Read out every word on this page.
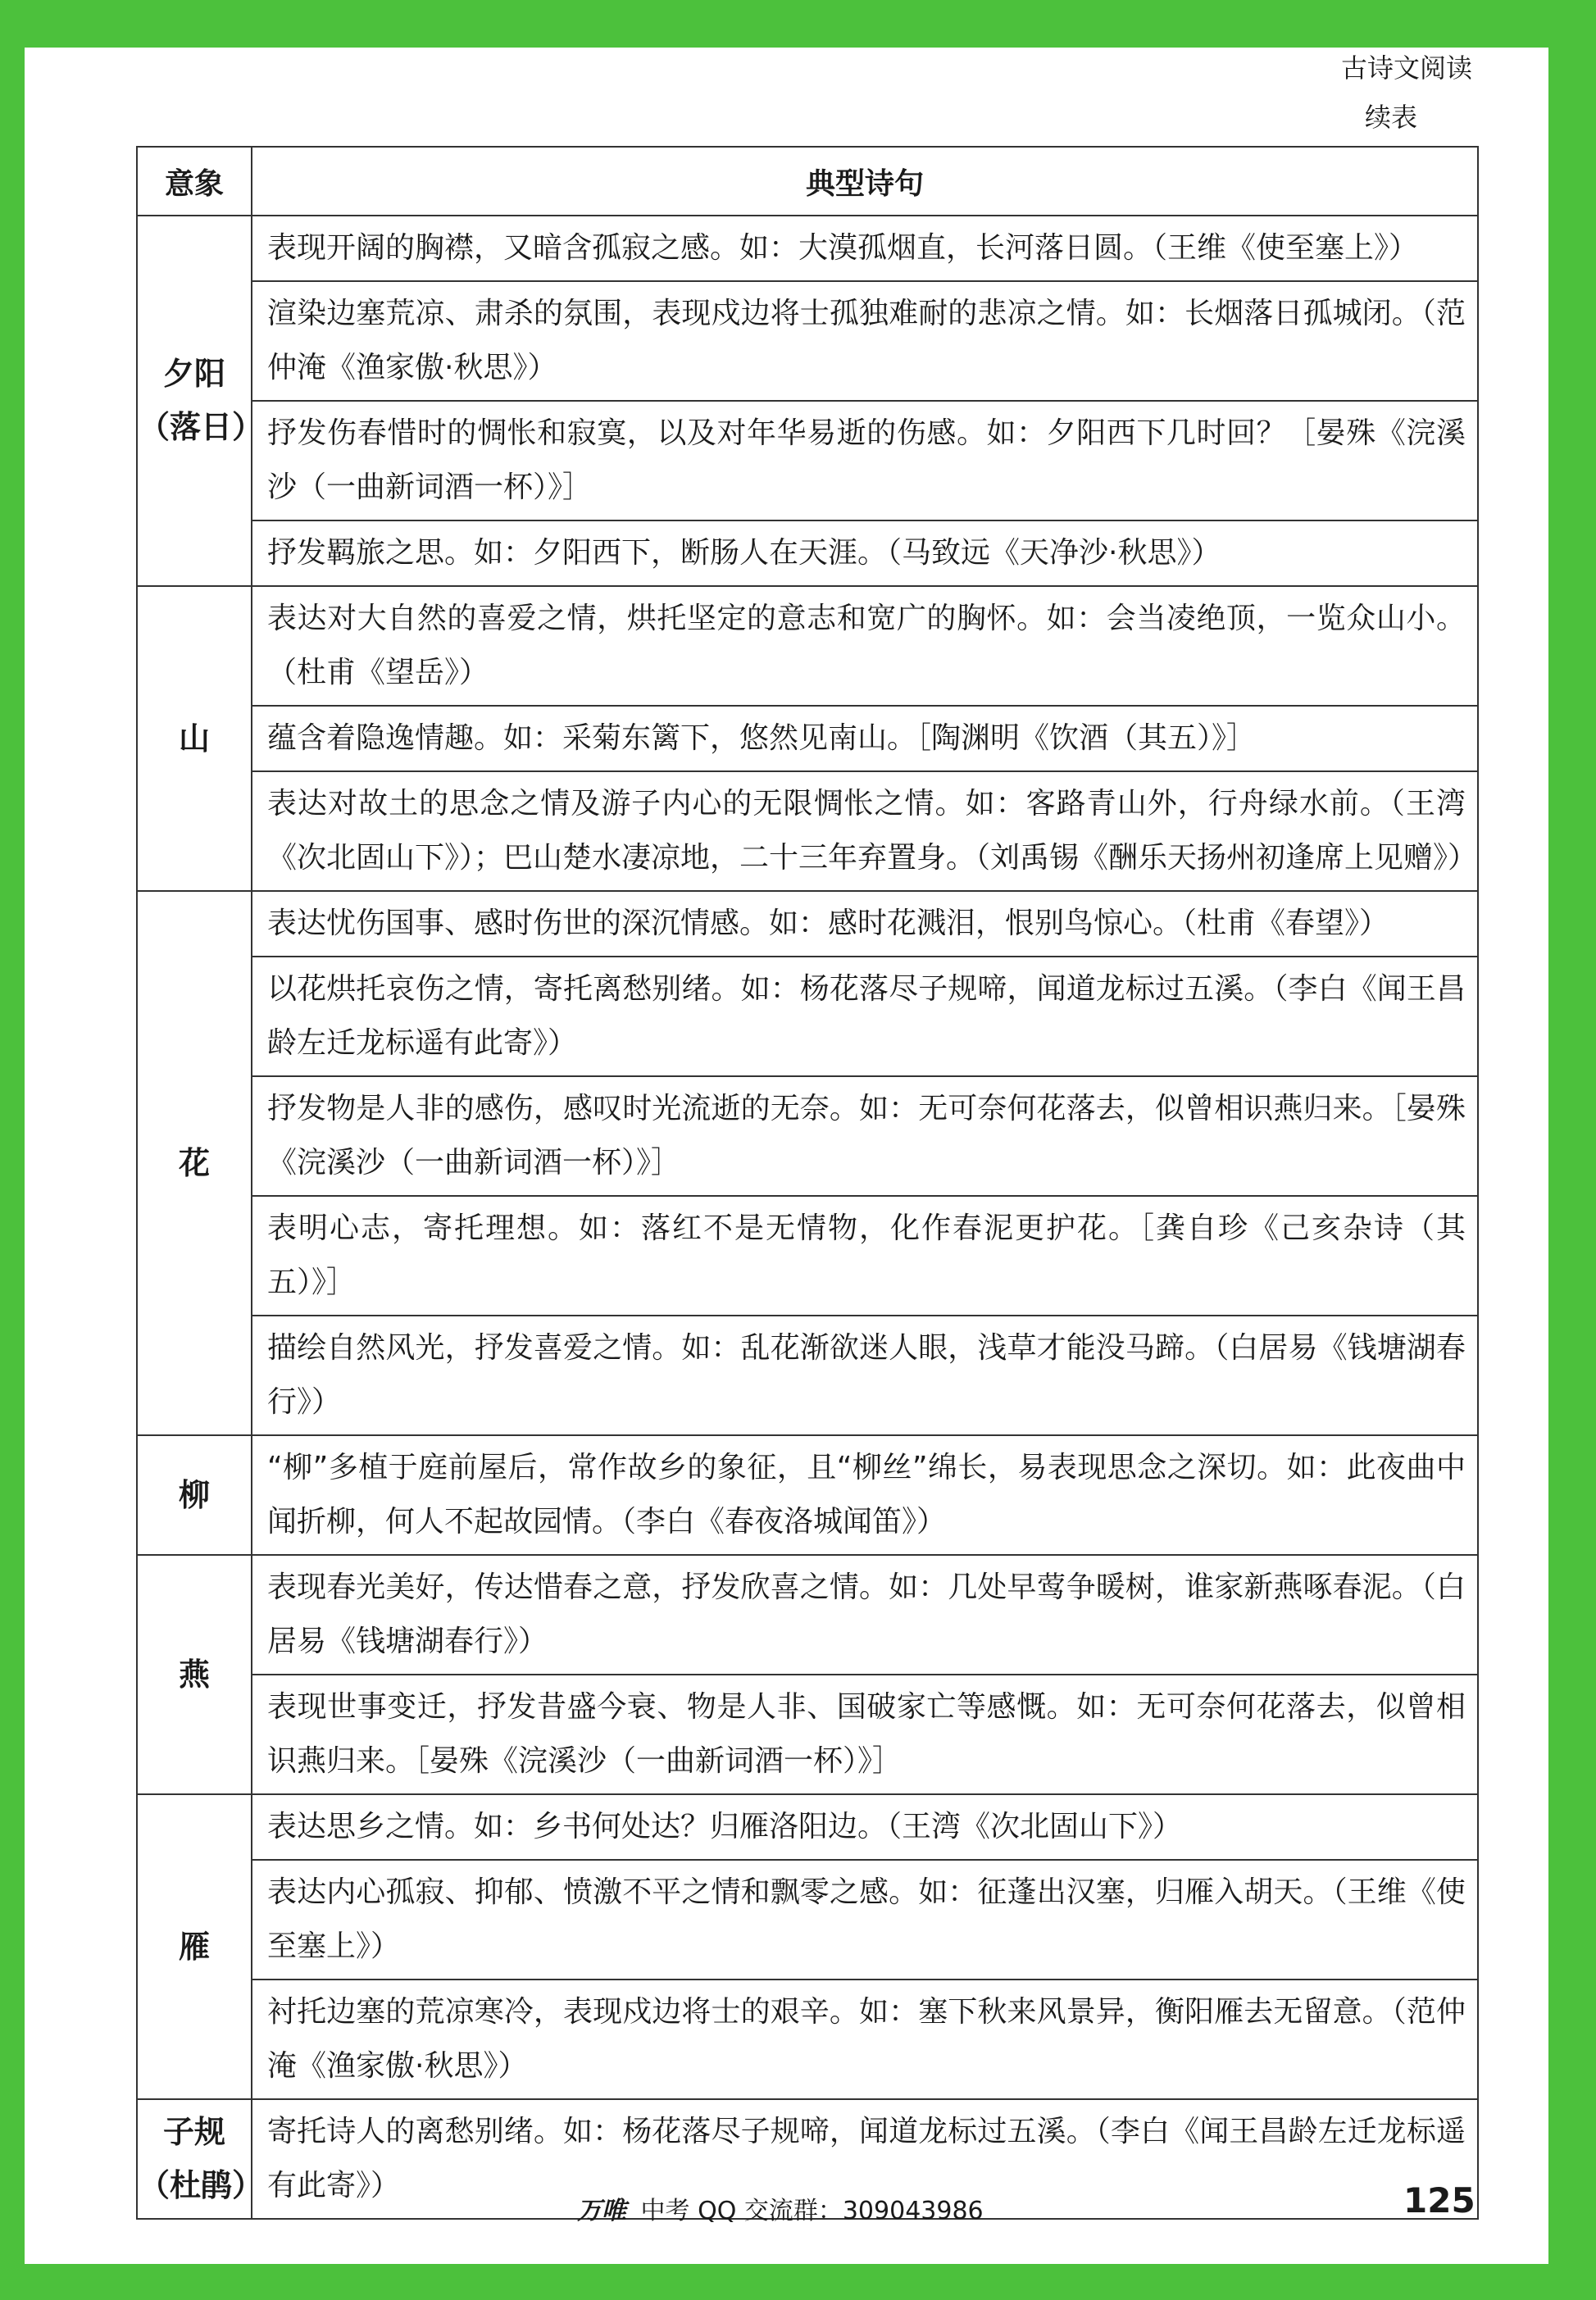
古诗文阅读
续表
意象	典型诗句
夕阳
（落日）	表现开阔的胸襟，又暗含孤寂之感。如：大漠孤烟直，长河落日圆。（王维《使至塞上》）
	渲染边塞荒凉、肃杀的氛围，表现戍边将士孤独难耐的悲凉之情。如：长烟落日孤城闭。（范仲淹《渔家傲·秋思》）
	抒发伤春惜时的惆怅和寂寞，以及对年华易逝的伤感。如：夕阳西下几时回？［晏殊《浣溪沙（一曲新词酒一杯）》］
	抒发羁旅之思。如：夕阳西下，断肠人在天涯。（马致远《天净沙·秋思》）
山	表达对大自然的喜爱之情，烘托坚定的意志和宽广的胸怀。如：会当凌绝顶，一览众山小。（杜甫《望岳》）
	蕴含着隐逸情趣。如：采菊东篱下，悠然见南山。［陶渊明《饮酒（其五）》］
	表达对故土的思念之情及游子内心的无限惆怅之情。如：客路青山外，行舟绿水前。（王湾《次北固山下》）；巴山楚水凄凉地，二十三年弃置身。（刘禹锡《酬乐天扬州初逢席上见赠》）
花	表达忧伤国事、感时伤世的深沉情感。如：感时花溅泪，恨别鸟惊心。（杜甫《春望》）
	以花烘托哀伤之情，寄托离愁别绪。如：杨花落尽子规啼，闻道龙标过五溪。（李白《闻王昌龄左迁龙标遥有此寄》）
	抒发物是人非的感伤，感叹时光流逝的无奈。如：无可奈何花落去，似曾相识燕归来。［晏殊《浣溪沙（一曲新词酒一杯）》］
	表明心志，寄托理想。如：落红不是无情物，化作春泥更护花。［龚自珍《己亥杂诗（其五）》］
	描绘自然风光，抒发喜爱之情。如：乱花渐欲迷人眼，浅草才能没马蹄。（白居易《钱塘湖春行》）
柳	“柳”多植于庭前屋后，常作故乡的象征，且“柳丝”绵长，易表现思念之深切。如：此夜曲中闻折柳，何人不起故园情。（李白《春夜洛城闻笛》）
燕	表现春光美好，传达惜春之意，抒发欣喜之情。如：几处早莺争暖树，谁家新燕啄春泥。（白居易《钱塘湖春行》）
	表现世事变迁，抒发昔盛今衰、物是人非、国破家亡等感慨。如：无可奈何花落去，似曾相识燕归来。［晏殊《浣溪沙（一曲新词酒一杯）》］
雁	表达思乡之情。如：乡书何处达？归雁洛阳边。（王湾《次北固山下》）
	表达内心孤寂、抑郁、愤激不平之情和飘零之感。如：征蓬出汉塞，归雁入胡天。（王维《使至塞上》）
	衬托边塞的荒凉寒冷，表现戍边将士的艰辛。如：塞下秋来风景异，衡阳雁去无留意。（范仲淹《渔家傲·秋思》）
子规
（杜鹃）	寄托诗人的离愁别绪。如：杨花落尽子规啼，闻道龙标过五溪。（李白《闻王昌龄左迁龙标遥有此寄》）
万唯 中考 QQ 交流群：309043986	125
